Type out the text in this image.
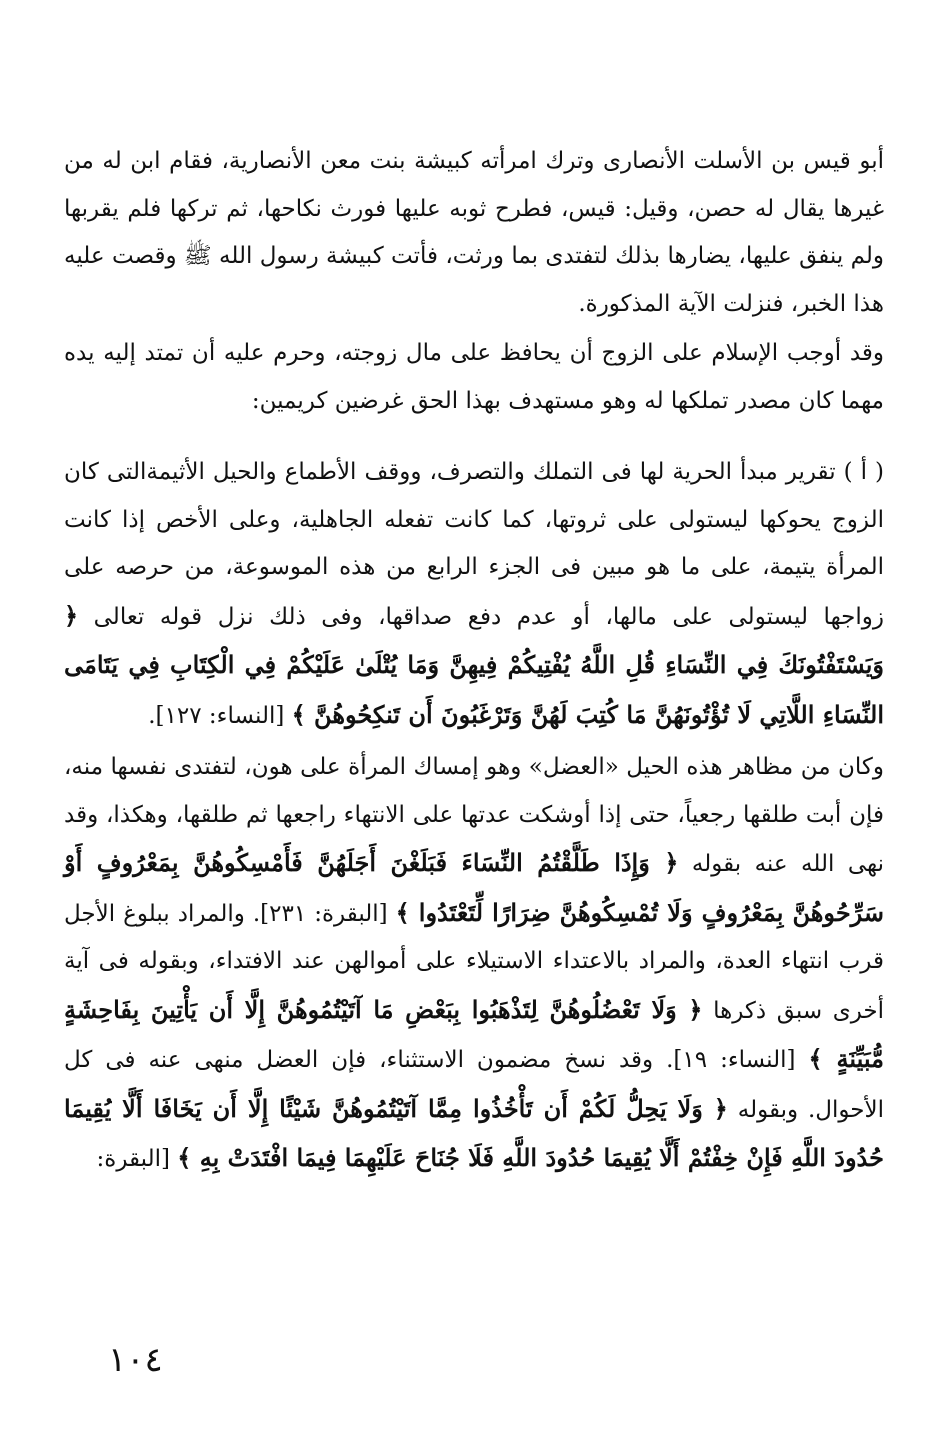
أبو قيس بن الأسلت الأنصارى وترك امرأته كبيشة بنت معن الأنصارية، فقام ابن له من غيرها يقال له حصن، وقيل: قيس، فطرح ثوبه عليها فورث نكاحها، ثم تركها فلم يقربها ولم ينفق عليها، يضارها بذلك لتفتدى بما ورثت، فأتت كبيشة رسول الله ﷺ وقصت عليه هذا الخبر، فنزلت الآية المذكورة.

وقد أوجب الإسلام على الزوج أن يحافظ على مال زوجته، وحرم عليه أن تمتد إليه يده مهما كان مصدر تملكها له وهو مستهدف بهذا الحق غرضين كريمين:

( أ ) تقرير مبدأ الحرية لها فى التملك والتصرف، ووقف الأطماع والحيل الأثيمةالتى كان الزوج يحوكها ليستولى على ثروتها، كما كانت تفعله الجاهلية، وعلى الأخص إذا كانت المرأة يتيمة، على ما هو مبين فى الجزء الرابع من هذه الموسوعة، من حرصه على زواجها ليستولى على مالها، أو عدم دفع صداقها، وفى ذلك نزل قوله تعالى ﴿ وَيَسْتَفْتُونَكَ فِي النِّسَاءِ قُلِ اللَّهُ يُفْتِيكُمْ فِيهِنَّ وَمَا يُتْلَىٰ عَلَيْكُمْ فِي الْكِتَابِ فِي يَتَامَى النِّسَاءِ اللَّاتِي لَا تُؤْتُونَهُنَّ مَا كُتِبَ لَهُنَّ وَتَرْغَبُونَ أَن تَنكِحُوهُنَّ ﴾ [النساء: ١٢٧].

وكان من مظاهر هذه الحيل «العضل» وهو إمساك المرأة على هون، لتفتدى نفسها منه، فإن أبت طلقها رجعياً، حتى إذا أوشكت عدتها على الانتهاء راجعها ثم طلقها، وهكذا، وقد نهى الله عنه بقوله ﴿ وَإِذَا طَلَّقْتُمُ النِّسَاءَ فَبَلَغْنَ أَجَلَهُنَّ فَأَمْسِكُوهُنَّ بِمَعْرُوفٍ أَوْ سَرِّحُوهُنَّ بِمَعْرُوفٍ وَلَا تُمْسِكُوهُنَّ ضِرَارًا لِّتَعْتَدُوا ﴾ [البقرة: ٢٣١]. والمراد ببلوغ الأجل قرب انتهاء العدة، والمراد بالاعتداء الاستيلاء على أموالهن عند الافتداء، وبقوله فى آية أخرى سبق ذكرها ﴿ وَلَا تَعْضُلُوهُنَّ لِتَذْهَبُوا بِبَعْضِ مَا آتَيْتُمُوهُنَّ إِلَّا أَن يَأْتِينَ بِفَاحِشَةٍ مُّبَيِّنَةٍ ﴾ [النساء: ١٩]. وقد نسخ مضمون الاستثناء، فإن العضل منهى عنه فى كل الأحوال. وبقوله ﴿ وَلَا يَحِلُّ لَكُمْ أَن تَأْخُذُوا مِمَّا آتَيْتُمُوهُنَّ شَيْئًا إِلَّا أَن يَخَافَا أَلَّا يُقِيمَا حُدُودَ اللَّهِ فَإِنْ خِفْتُمْ أَلَّا يُقِيمَا حُدُودَ اللَّهِ فَلَا جُنَاحَ عَلَيْهِمَا فِيمَا افْتَدَتْ بِهِ ﴾ [البقرة:

١٠٤
